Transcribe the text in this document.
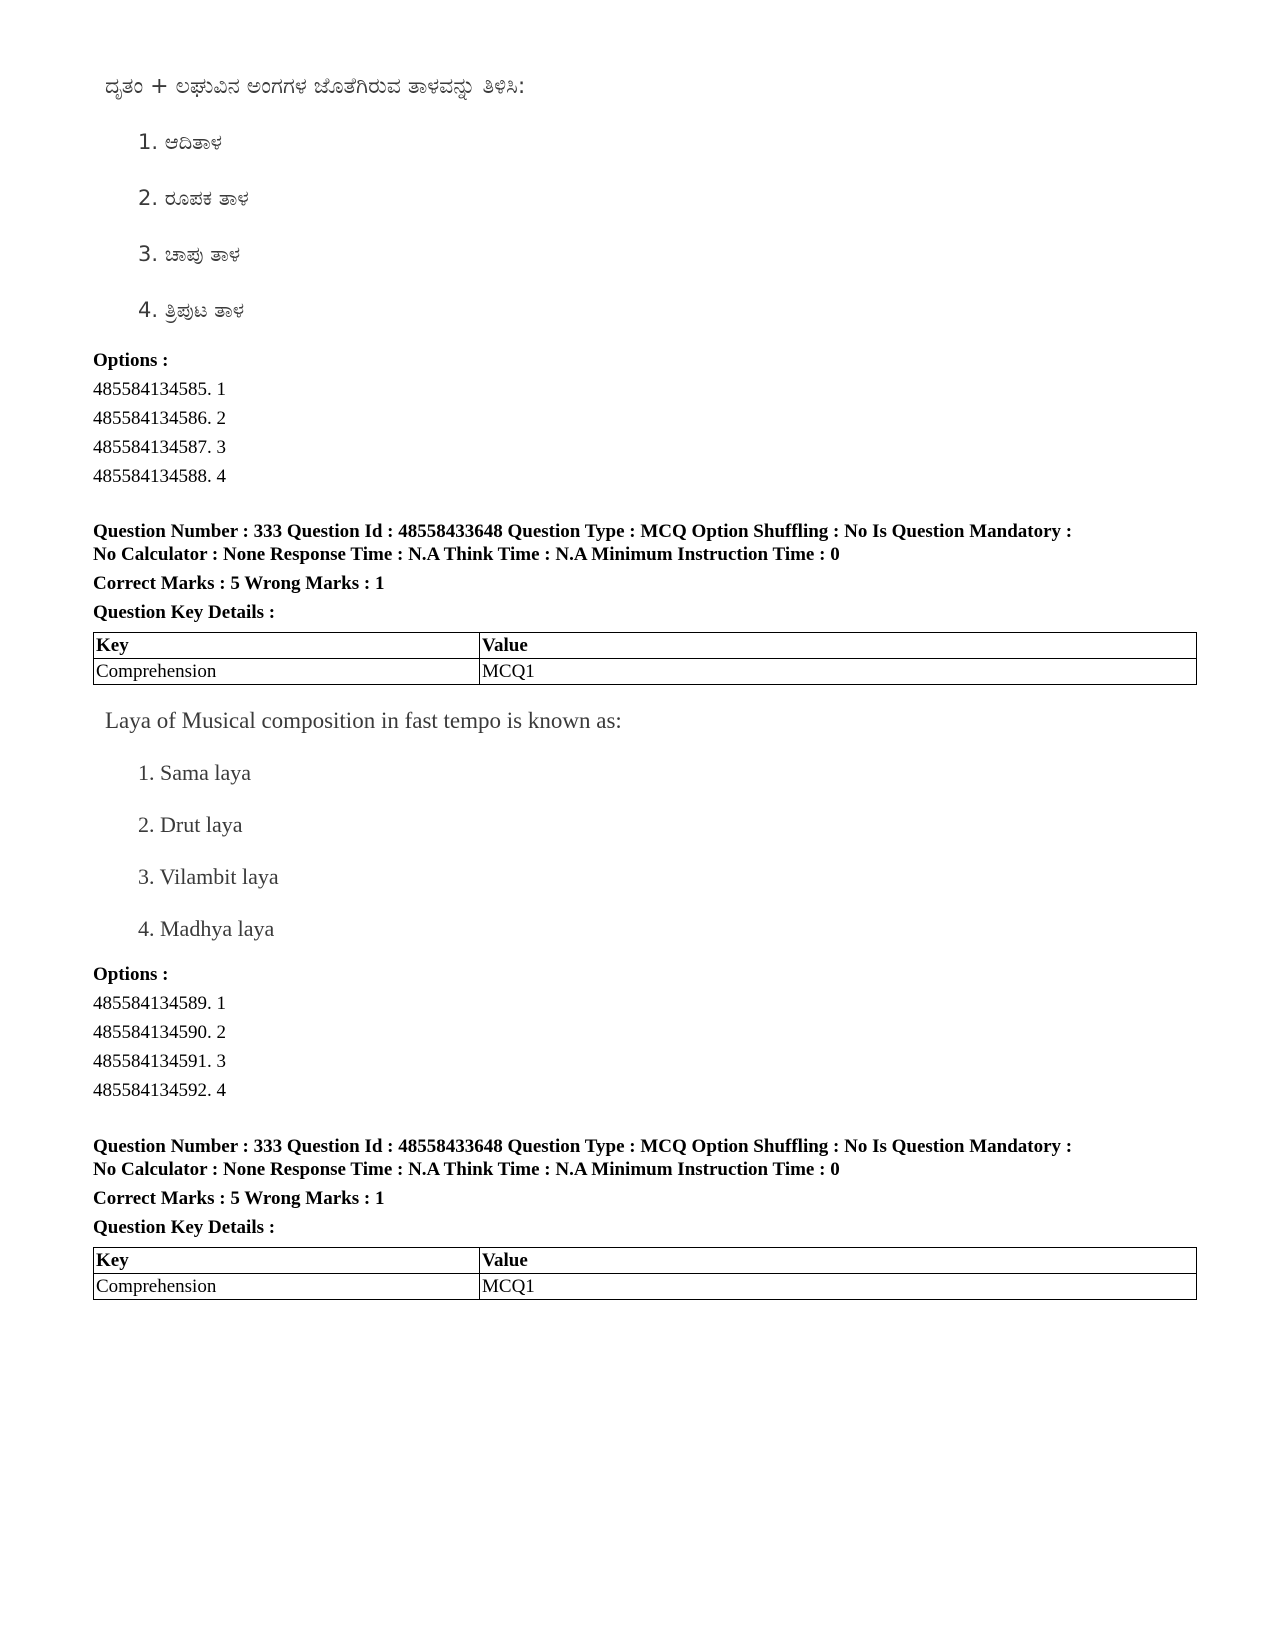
ದೃತಂ + ಲಘುವಿನ ಅಂಗಗಳ ಜೊತೆಗಿರುವ ತಾಳವನ್ನು ತಿಳಿಸಿ:
1. ಆದಿತಾಳ
2. ರೂಪಕ ತಾಳ
3. ಚಾಪು ತಾಳ
4. ತ್ರಿಪುಟ ತಾಳ
Options :
485584134585. 1
485584134586. 2
485584134587. 3
485584134588. 4
Question Number : 333 Question Id : 48558433648 Question Type : MCQ Option Shuffling : No Is Question Mandatory :
No Calculator : None Response Time : N.A Think Time : N.A Minimum Instruction Time : 0
Correct Marks : 5 Wrong Marks : 1
Question Key Details :
Key	Value
Comprehension	MCQ1
Laya of Musical composition in fast tempo is known as:
1. Sama laya
2. Drut laya
3. Vilambit laya
4. Madhya laya
Options :
485584134589. 1
485584134590. 2
485584134591. 3
485584134592. 4
Question Number : 333 Question Id : 48558433648 Question Type : MCQ Option Shuffling : No Is Question Mandatory :
No Calculator : None Response Time : N.A Think Time : N.A Minimum Instruction Time : 0
Correct Marks : 5 Wrong Marks : 1
Question Key Details :
Key	Value
Comprehension	MCQ1
